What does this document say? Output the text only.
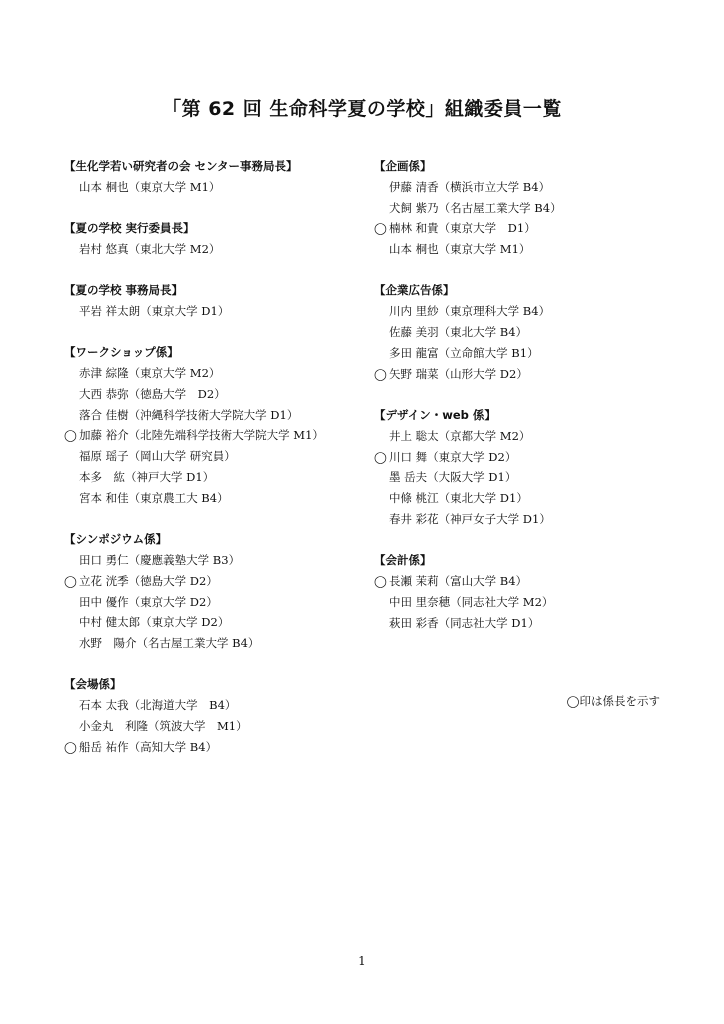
「第 62 回 生命科学夏の学校」組織委員一覧
【生化学若い研究者の会 センター事務局長】
山本 桐也（東京大学 M1）
【夏の学校 実行委員長】
岩村 悠真（東北大学 M2）
【夏の学校 事務局長】
平岩 祥太朗（東京大学 D1）
【ワークショップ係】
赤津 綜隆（東京大学 M2）
大西 恭弥（徳島大学　D2）
落合 佳樹（沖縄科学技術大学院大学 D1）
◯ 加藤 裕介（北陸先端科学技術大学院大学 M1）
福原 瑶子（岡山大学 研究員）
本多　紘（神戸大学 D1）
宮本 和佳（東京農工大 B4）
【シンポジウム係】
田口 勇仁（慶應義塾大学 B3）
◯ 立花 洸季（徳島大学 D2）
田中 優作（東京大学 D2）
中村 健太郎（東京大学 D2）
水野　陽介（名古屋工業大学 B4）
【会場係】
石本 太我（北海道大学　B4）
小金丸　利隆（筑波大学　M1）
◯ 船岳 祐作（高知大学 B4）
【企画係】
伊藤 清香（横浜市立大学 B4）
犬飼 紫乃（名古屋工業大学 B4）
◯ 楠林 和貴（東京大学　D1）
山本 桐也（東京大学 M1）
【企業広告係】
川内 里紗（東京理科大学 B4）
佐藤 美羽（東北大学 B4）
多田 龍富（立命館大学 B1）
◯ 矢野 瑞菜（山形大学 D2）
【デザイン・web 係】
井上 聡太（京都大学 M2）
◯ 川口 舞（東京大学 D2）
墨 岳夫（大阪大学 D1）
中條 桃江（東北大学 D1）
春井 彩花（神戸女子大学 D1）
【会計係】
◯ 長瀬 茉莉（富山大学 B4）
中田 里奈穂（同志社大学 M2）
萩田 彩香（同志社大学 D1）
◯印は係長を示す
1
